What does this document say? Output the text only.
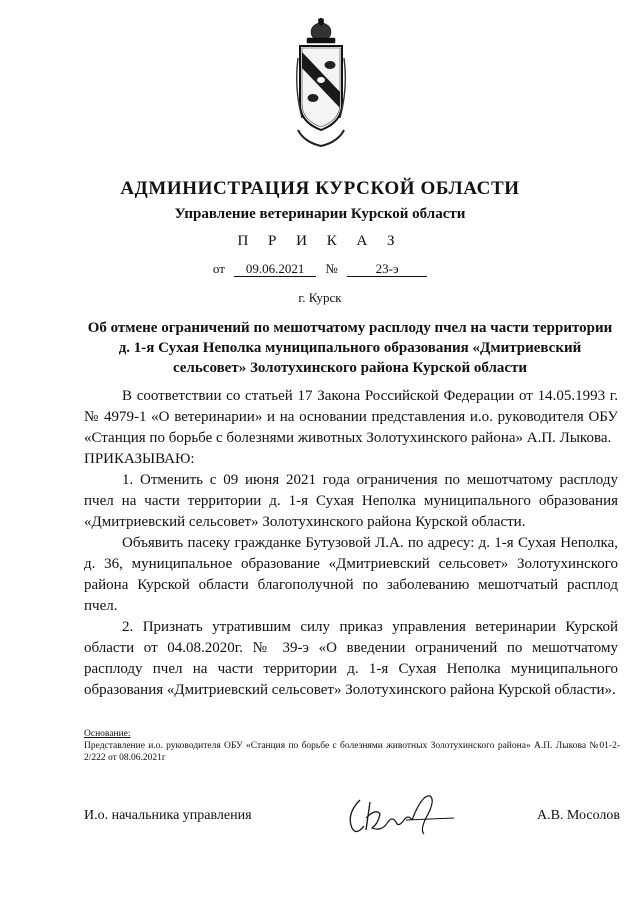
АДМИНИСТРАЦИЯ КУРСКОЙ ОБЛАСТИ
Управление ветеринарии Курской области
П Р И К А З
от 09.06.2021 №	23-э
г. Курск
Об отмене ограничений по мешотчатому расплоду пчел на части территории д. 1-я Сухая Неполка муниципального образования «Дмитриевский сельсовет» Золотухинского района Курской области

В соответствии со статьей 17 Закона Российской Федерации от 14.05.1993 г. № 4979-1 «О ветеринарии» и на основании представления и.о. руководителя ОБУ «Станция по борьбе с болезнями животных Золотухинского района» А.П. Лыкова.

ПРИКАЗЫВАЮ:

1. Отменить с 09 июня 2021 года ограничения по мешотчатому расплоду пчел на части территории д. 1-я Сухая Неполка муниципального образования «Дмитриевский сельсовет» Золотухинского района Курской области.

Объявить пасеку гражданке Бутузовой Л.А. по адресу: д. 1-я Сухая Неполка, д. 36, муниципальное образование «Дмитриевский сельсовет» Золотухинского района Курской области благополучной по заболеванию мешотчатый расплод пчел.

2. Признать утратившим силу приказ управления ветеринарии Курской области от 04.08.2020г. № 39-э «О введении ограничений по мешотчатому расплоду пчел на части территории д. 1-я Сухая Неполка муниципального образования «Дмитриевский сельсовет» Золотухинского района Курской области».

Основание:
Представление и.о. руководителя ОБУ «Станция по борьбе с болезнями животных Золотухинского района» А.П. Лыкова №01-2-2/222 от 08.06.2021г
И.о. начальника управления	А.В. Мосолов
